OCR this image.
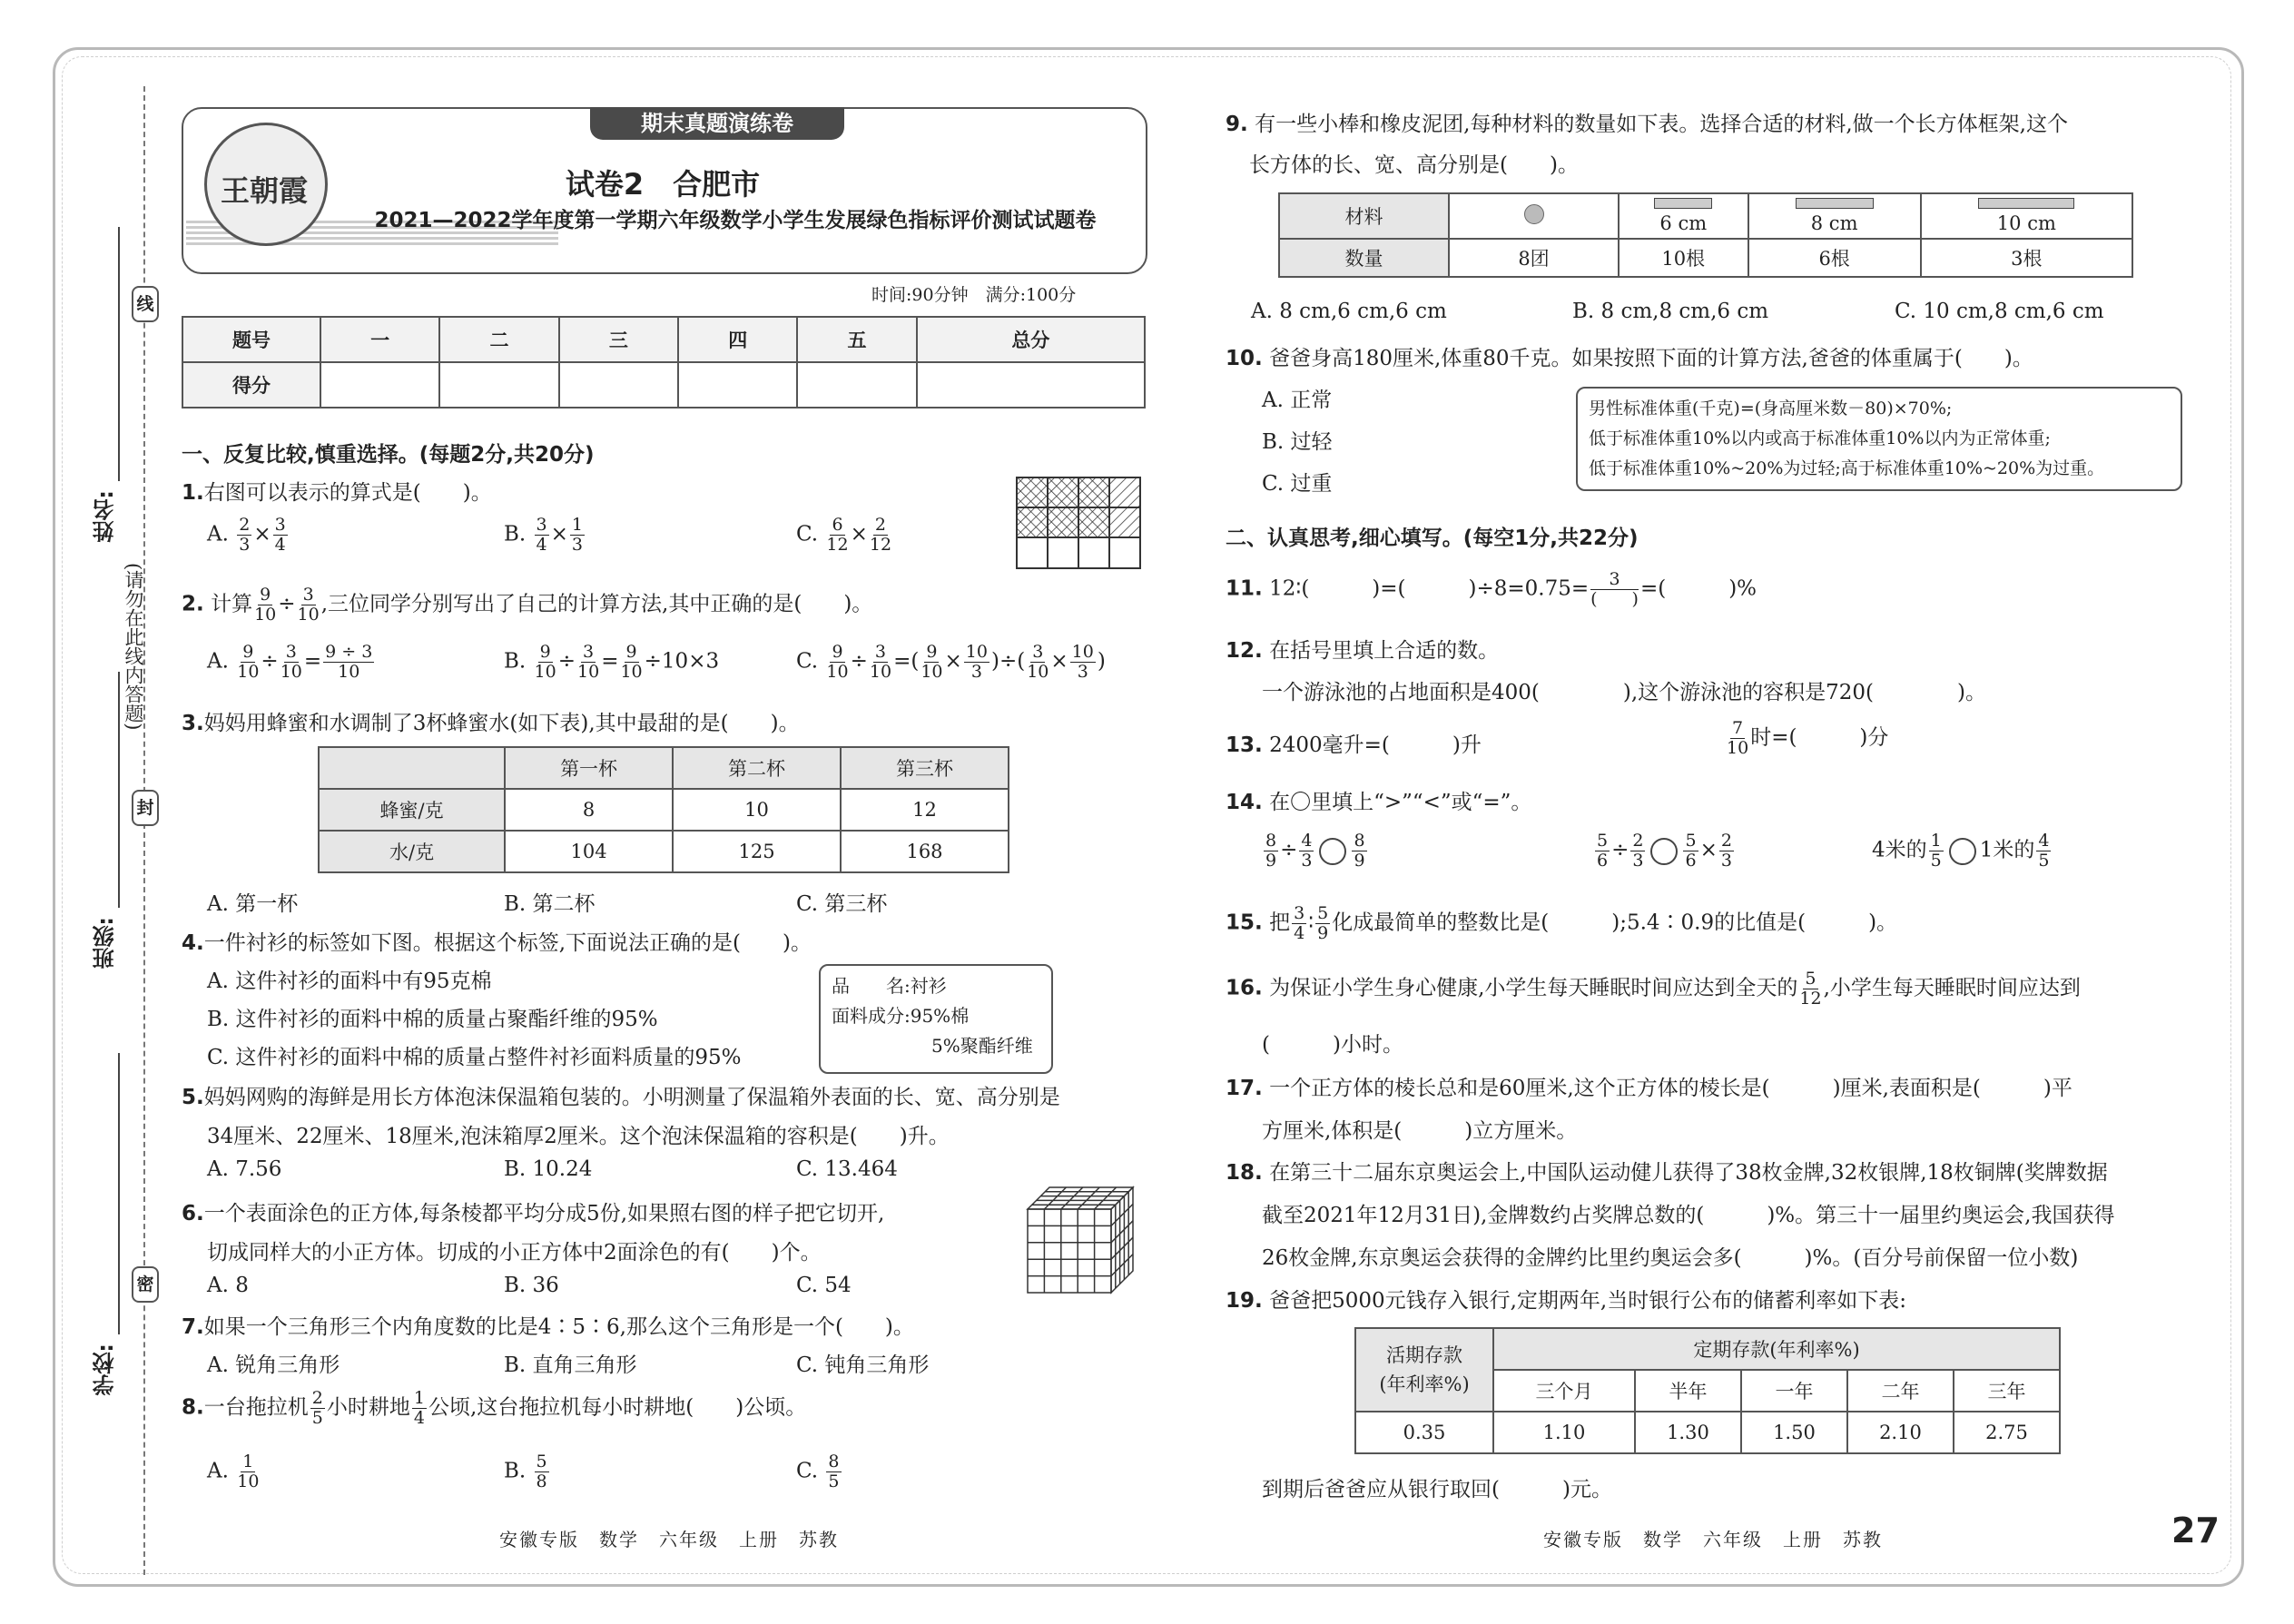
线
封
密
(请勿在此线内答题)
姓名:
班级:
学校:
期末真题演练卷
王朝霞	试卷2　合肥市
2021—2022学年度第一学期六年级数学小学生发展绿色指标评价测试试题卷
时间:90分钟　满分:100分
题号	一	二	三	四	五	总分
得分						
一、反复比较,慎重选择。(每题2分,共20分)
1.右图可以表示的算式是(　　)。
A. $\frac{2}{3} \times \frac{3}{4}$	B. $\frac{3}{4} \times \frac{1}{3}$	C. $\frac{6}{12} \times \frac{2}{12}$
2. 计算 $\frac{9}{10} \div \frac{3}{10}$ ,三位同学分别写出了自己的计算方法,其中正确的是(　　)。
A. $\frac{9}{10} \div \frac{3}{10} = \frac{9 \div 3}{10}$	B. $\frac{9}{10} \div \frac{3}{10} = \frac{9}{10} \div 10\times 3$	C. $\frac{9}{10} \div \frac{3}{10}$ =( $\frac{9}{10} \times \frac{10}{3}$ )÷( $\frac{3}{10} \times \frac{10}{3}$ )
3.妈妈用蜂蜜和水调制了3杯蜂蜜水(如下表),其中最甜的是(　　)。
	第一杯	第二杯	第三杯
蜂蜜/克	8	10	12
水/克	104	125	168
A. 第一杯	B. 第二杯	C. 第三杯
4.一件衬衫的标签如下图。根据这个标签,下面说法正确的是(　　)。
A. 这件衬衫的面料中有95克棉
B. 这件衬衫的面料中棉的质量占聚酯纤维的95%
C. 这件衬衫的面料中棉的质量占整件衬衫面料质量的95%
品　　名:衬衫
面料成分:95%棉
5%聚酯纤维
5.妈妈网购的海鲜是用长方体泡沫保温箱包装的。小明测量了保温箱外表面的长、宽、高分别是
34厘米、22厘米、18厘米,泡沫箱厚2厘米。这个泡沫保温箱的容积是(　　)升。
A. 7.56	B. 10.24	C. 13.464
6.一个表面涂色的正方体,每条棱都平均分成5份,如果照右图的样子把它切开,
切成同样大的小正方体。切成的小正方体中2面涂色的有(　　)个。
A. 8	B. 36	C. 54
7.如果一个三角形三个内角度数的比是4∶5∶6,那么这个三角形是一个(　　)。
A. 锐角三角形	B. 直角三角形	C. 钝角三角形
8.一台拖拉机 $\frac{2}{5}$ 小时耕地 $\frac{1}{4}$ 公顷,这台拖拉机每小时耕地(　　)公顷。
A. $\frac{1}{10}$	B. $\frac{5}{8}$	C. $\frac{8}{5}$
安徽专版　数学　六年级　上册　苏教
9. 有一些小棒和橡皮泥团,每种材料的数量如下表。选择合适的材料,做一个长方体框架,这个
长方体的长、宽、高分别是(　　)。
材料		6 cm	8 cm	10 cm
数量	8团	10根	6根	3根
A. 8 cm,6 cm,6 cm	B. 8 cm,8 cm,6 cm	C. 10 cm,8 cm,6 cm
10. 爸爸身高180厘米,体重80千克。如果按照下面的计算方法,爸爸的体重属于(　　)。
A. 正常
B. 过轻
C. 过重
男性标准体重(千克)=(身高厘米数－80)×70%;
低于标准体重10%以内或高于标准体重10%以内为正常体重;
低于标准体重10%~20%为过轻;高于标准体重10%~20%为过重。
二、认真思考,细心填写。(每空1分,共22分)
11. 12∶(　　　)=(　　　)$\div 8=0.75= \frac{3}{( )}$ =(　　　)%
12. 在括号里填上合适的数。
一个游泳池的占地面积是400(　　　　),这个游泳池的容积是720(　　　　)。
13. 2400毫升=(　　　)升	$\frac{7}{10}$ 时=(　　　)分
14. 在〇里填上“>”“<”或“=”。
$\frac{8}{9} \div \frac{4}{3} \frac{8}{9}$	$\frac{5}{6} \div \frac{2}{3} \frac{5}{6} \times \frac{2}{3}$	4米的 $\frac{1}{5} 1$米的 $\frac{4}{5}$
15. 把 $\frac{3}{4}$ ∶ $\frac{5}{9}$ 化成最简单的整数比是(　　　);5.4∶0.9的比值是(　　　)。
16. 为保证小学生身心健康,小学生每天睡眠时间应达到全天的 $\frac{5}{12}$ ,小学生每天睡眠时间应达到
(　　　)小时。
17. 一个正方体的棱长总和是60厘米,这个正方体的棱长是(　　　)厘米,表面积是(　　　)平
方厘米,体积是(　　　)立方厘米。
18. 在第三十二届东京奥运会上,中国队运动健儿获得了38枚金牌,32枚银牌,18枚铜牌(奖牌数据
截至2021年12月31日),金牌数约占奖牌总数的(　　　)%。第三十一届里约奥运会,我国获得
26枚金牌,东京奥运会获得的金牌约比里约奥运会多(　　　)%。(百分号前保留一位小数)
19. 爸爸把5000元钱存入银行,定期两年,当时银行公布的储蓄利率如下表:
活期存款
(年利率%)	定期存款(年利率%)				
	三个月	半年	一年	二年	三年
0.35	1.10	1.30	1.50	2.10	2.75
到期后爸爸应从银行取回(　　　)元。
安徽专版　数学　六年级　上册　苏教	27
